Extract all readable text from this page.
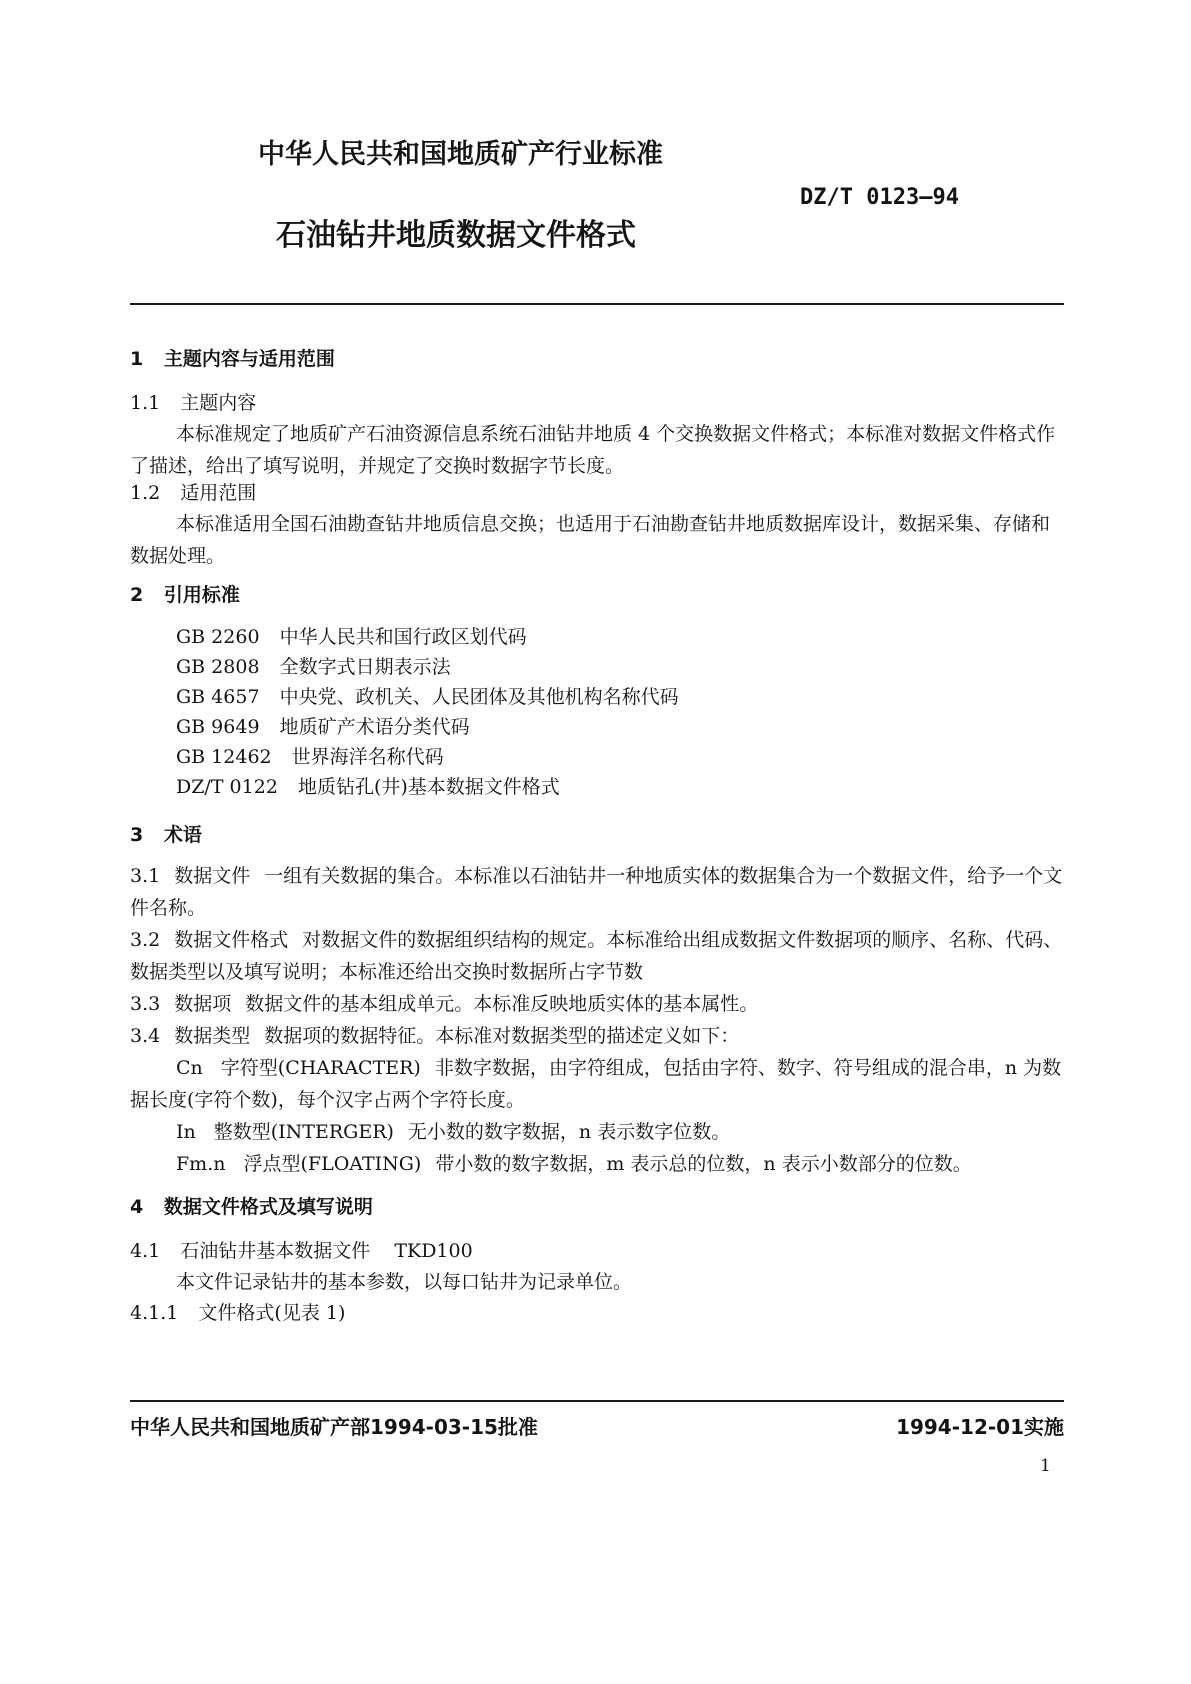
中华人民共和国地质矿产行业标准
DZ/T 0123—94
石油钻井地质数据文件格式
1 主题内容与适用范围
1.1 主题内容
本标准规定了地质矿产石油资源信息系统石油钻井地质 4 个交换数据文件格式；本标准对数据文件格式作了描述，给出了填写说明，并规定了交换时数据字节长度。
1.2 适用范围
本标准适用全国石油勘查钻井地质信息交换；也适用于石油勘查钻井地质数据库设计，数据采集、存储和数据处理。
2 引用标准
GB 2260 中华人民共和国行政区划代码
GB 2808 全数字式日期表示法
GB 4657 中央党、政机关、人民团体及其他机构名称代码
GB 9649 地质矿产术语分类代码
GB 12462 世界海洋名称代码
DZ/T 0122 地质钻孔(井)基本数据文件格式
3 术语
3.1 数据文件 一组有关数据的集合。本标准以石油钻井一种地质实体的数据集合为一个数据文件，给予一个文件名称。
3.2 数据文件格式 对数据文件的数据组织结构的规定。本标准给出组成数据文件数据项的顺序、名称、代码、数据类型以及填写说明；本标准还给出交换时数据所占字节数
3.3 数据项 数据文件的基本组成单元。本标准反映地质实体的基本属性。
3.4 数据类型 数据项的数据特征。本标准对数据类型的描述定义如下：
Cn 字符型(CHARACTER) 非数字数据，由字符组成，包括由字符、数字、符号组成的混合串，n 为数据长度(字符个数)，每个汉字占两个字符长度。
In 整数型(INTERGER) 无小数的数字数据，n 表示数字位数。
Fm.n 浮点型(FLOATING) 带小数的数字数据，m 表示总的位数，n 表示小数部分的位数。
4 数据文件格式及填写说明
4.1 石油钻井基本数据文件 TKD100
本文件记录钻井的基本参数，以每口钻井为记录单位。
4.1.1 文件格式(见表 1)
中华人民共和国地质矿产部1994-03-15批准	1994-12-01实施
1
